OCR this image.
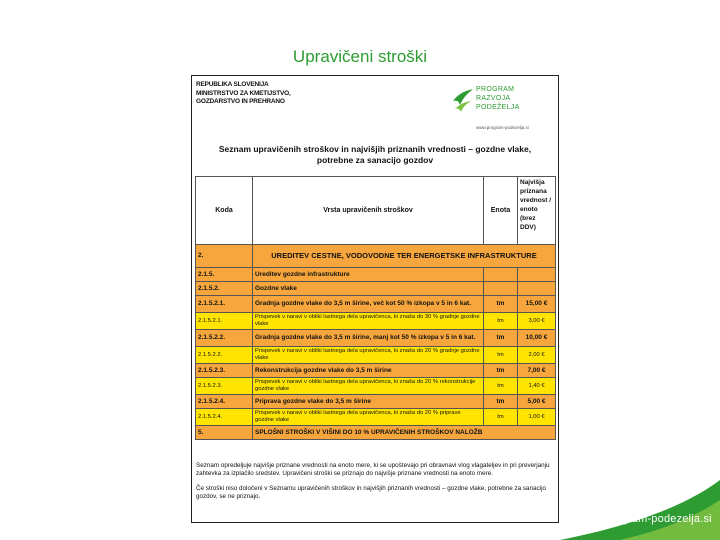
Upravičeni stroški
REPUBLIKA SLOVENIJA
MINISTRSTVO ZA KMETIJSTVO,
GOZDARSTVO IN PREHRANO
PROGRAM
RAZVOJA
PODEŽELJA
www.program-podezelja.si
Seznam upravičenih stroškov in najvišjih priznanih vrednosti – gozdne vlake,
potrebne za sanacijo gozdov
Koda	Vrsta upravičenih stroškov	Enota	Najvišja priznana vrednost / enoto (brez DDV)
2.	UREDITEV CESTNE, VODOVODNE TER ENERGETSKE INFRASTRUKTURE		
2.1.5.	Ureditev gozdne infrastrukture		
2.1.5.2.	Gozdne vlake		
2.1.5.2.1.	Gradnja gozdne vlake do 3,5 m širine, več kot 50 % izkopa v 5 in 6 kat.	tm	15,00 €
2.1.5.2.1.	Prispevek v naravi v obliki lastnega dela upravičenca, ki znaša do 30 % gradnje gozdne vlake	tm	3,00 €
2.1.5.2.2.	Gradnja gozdne vlake do 3,5 m širine, manj kot 50 % izkopa v 5 in 6 kat.	tm	10,00 €
2.1.5.2.2.	Prispevek v naravi v obliki lastnega dela upravičenca, ki znaša do 20 % gradnje gozdne vlake	tm	2,00 €
2.1.5.2.3.	Rekonstrukcija gozdne vlake do 3,5 m širine	tm	7,00 €
2.1.5.2.3.	Prispevek v naravi v obliki lastnega dela upravičenca, ki znaša do 20 % rekonstrukcije gozdne vlake	tm	1,40 €
2.1.5.2.4.	Priprava gozdne vlake do 3,5 m širine	tm	5,00 €
2.1.5.2.4.	Prispevek v naravi v obliki lastnega dela upravičenca, ki znaša do 20 % priprave gozdne vlake	tm	1,00 €
5.	SPLOŠNI STROŠKI V VIŠINI DO 10 % UPRAVIČENIH STROŠKOV NALOŽB		

Seznam opredeljuje najvišje priznane vrednosti na enoto mere, ki se upoštevajo pri obravnavi vlog vlagateljev in pri preverjanju zahtevka za izplačilo sredstev. Upravičeni stroški se priznajo do najvišje priznane vrednosti na enoto mere.

Če stroški niso določeni v Seznamu upravičenih stroškov in najvišjih priznanih vrednosti – gozdne vlake, potrebne za sanacijo gozdov, se ne priznajo.

www.program-podezelja.si
